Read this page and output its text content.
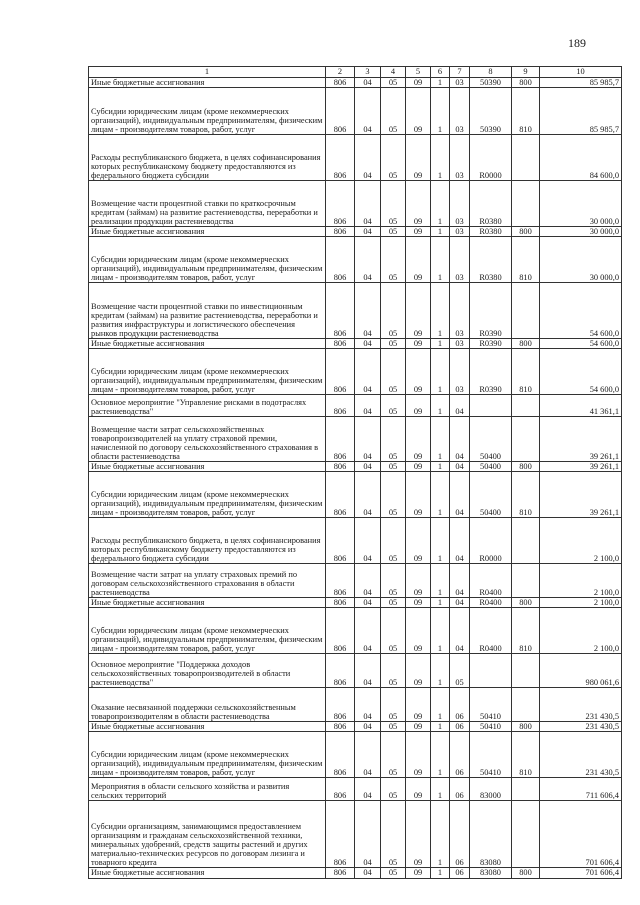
189
1	2	3	4	5	6	7	8	9	10
Иные бюджетные ассигнования	806	04	05	09	1	03	50390	800	85 985,7
Субсидии юридическим лицам (кроме некоммерческих организаций), индивидуальным предпринимателям, физическим лицам - производителям товаров, работ, услуг	806	04	05	09	1	03	50390	810	85 985,7
Расходы республиканского бюджета, в целях софинансирования которых республиканскому бюджету предоставляются из федерального бюджета субсидии	806	04	05	09	1	03	R0000		84 600,0
Возмещение части процентной ставки по краткосрочным кредитам (займам) на развитие растениеводства, переработки и реализации продукции растениеводства	806	04	05	09	1	03	R0380		30 000,0
Иные бюджетные ассигнования	806	04	05	09	1	03	R0380	800	30 000,0
Субсидии юридическим лицам (кроме некоммерческих организаций), индивидуальным предпринимателям, физическим лицам - производителям товаров, работ, услуг	806	04	05	09	1	03	R0380	810	30 000,0
Возмещение части процентной ставки по инвестиционным кредитам (займам) на развитие растениеводства, переработки и развития инфраструктуры и логистического обеспечения рынков продукции растениеводства	806	04	05	09	1	03	R0390		54 600,0
Иные бюджетные ассигнования	806	04	05	09	1	03	R0390	800	54 600,0
Субсидии юридическим лицам (кроме некоммерческих организаций), индивидуальным предпринимателям, физическим лицам - производителям товаров, работ, услуг	806	04	05	09	1	03	R0390	810	54 600,0
Основное мероприятие "Управление рисками в подотраслях растениеводства"	806	04	05	09	1	04			41 361,1
Возмещение части затрат сельскохозяйственных товаропроизводителей на уплату страховой премии, начисленной по договору сельскохозяйственного страхования в области растениеводства	806	04	05	09	1	04	50400		39 261,1
Иные бюджетные ассигнования	806	04	05	09	1	04	50400	800	39 261,1
Субсидии юридическим лицам (кроме некоммерческих организаций), индивидуальным предпринимателям, физическим лицам - производителям товаров, работ, услуг	806	04	05	09	1	04	50400	810	39 261,1
Расходы республиканского бюджета, в целях софинансирования которых республиканскому бюджету предоставляются из федерального бюджета субсидии	806	04	05	09	1	04	R0000		2 100,0
Возмещение части затрат на уплату страховых премий по договорам сельскохозяйственного страхования в области растениеводства	806	04	05	09	1	04	R0400		2 100,0
Иные бюджетные ассигнования	806	04	05	09	1	04	R0400	800	2 100,0
Субсидии юридическим лицам (кроме некоммерческих организаций), индивидуальным предпринимателям, физическим лицам - производителям товаров, работ, услуг	806	04	05	09	1	04	R0400	810	2 100,0
Основное мероприятие "Поддержка доходов сельскохозяйственных товаропроизводителей в области растениеводства"	806	04	05	09	1	05			980 061,6
Оказание несвязанной поддержки сельскохозяйственным товаропроизводителям в области растениеводства	806	04	05	09	1	06	50410		231 430,5
Иные бюджетные ассигнования	806	04	05	09	1	06	50410	800	231 430,5
Субсидии юридическим лицам (кроме некоммерческих организаций), индивидуальным предпринимателям, физическим лицам - производителям товаров, работ, услуг	806	04	05	09	1	06	50410	810	231 430,5
Мероприятия в области сельского хозяйства и развития сельских территорий	806	04	05	09	1	06	83000		711 606,4
Субсидии организациям, занимающимся предоставлением организациям и гражданам сельскохозяйственной техники, минеральных удобрений, средств защиты растений и других материально-технических ресурсов по договорам лизинга и товарного кредита	806	04	05	09	1	06	83080		701 606,4
Иные бюджетные ассигнования	806	04	05	09	1	06	83080	800	701 606,4
